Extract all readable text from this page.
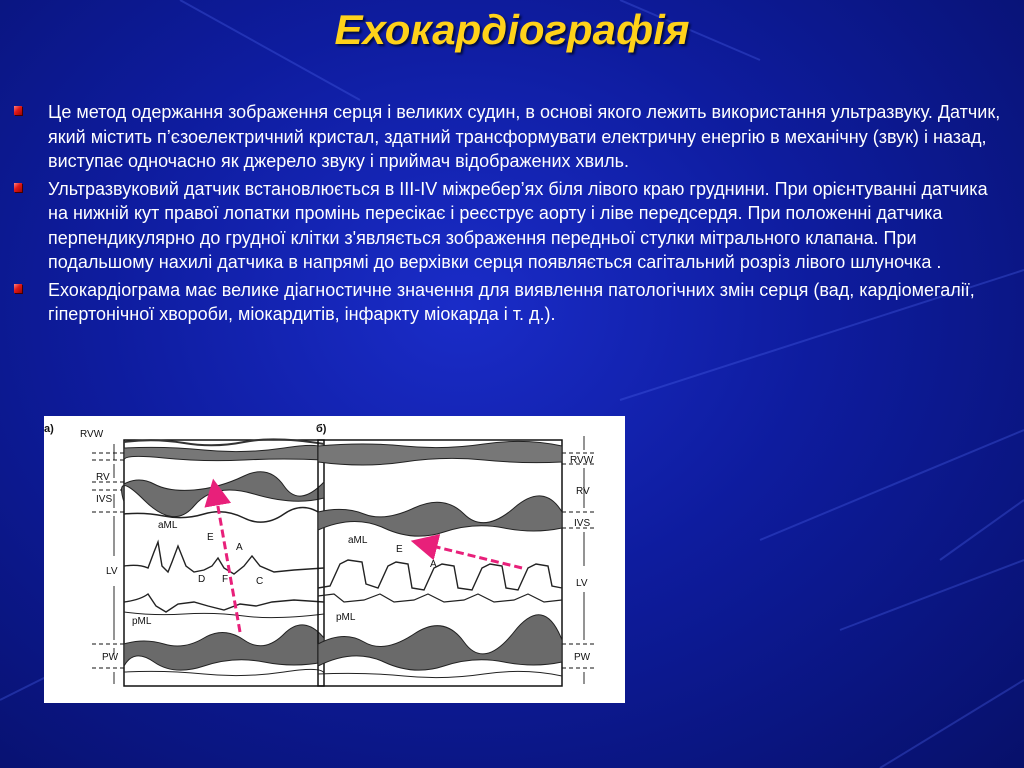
Ехокардіографія
Це метод одержання зображення серця і великих судин, в основі якого лежить використання ультразвуку. Датчик, який містить п’єзоелектричний кристал, здатний трансформувати електричну енергію в механічну (звук) і назад, виступає одночасно як джерело звуку і приймач відображених хвиль.
Ультразвуковий датчик встановлюється в ІІІ-IV міжребер’ях біля лівого краю груднини. При орієнтуванні датчика на нижній кут правої лопатки промінь пересікає і реєструє аорту і ліве передсердя. При положенні датчика перпендикулярно до грудної клітки з'являється зображення передньої стулки мітрального клапана. При подальшому нахилі датчика в напрямі до верхівки серця появляється сагітальний розріз лівого шлуночка .
Ехокардіограма має велике діагностичне значення для виявлення патологічних змін серця (вад, кардіомегалії, гіпертонічної хвороби, міокардитів, інфаркту міокарда і т. д.).
а)	RVW
RV
IVS
LV
PW
aML
pML
E
A
D F	C
б)
RVW
RV
IVS
LV
PW
aML
pML
E
A
